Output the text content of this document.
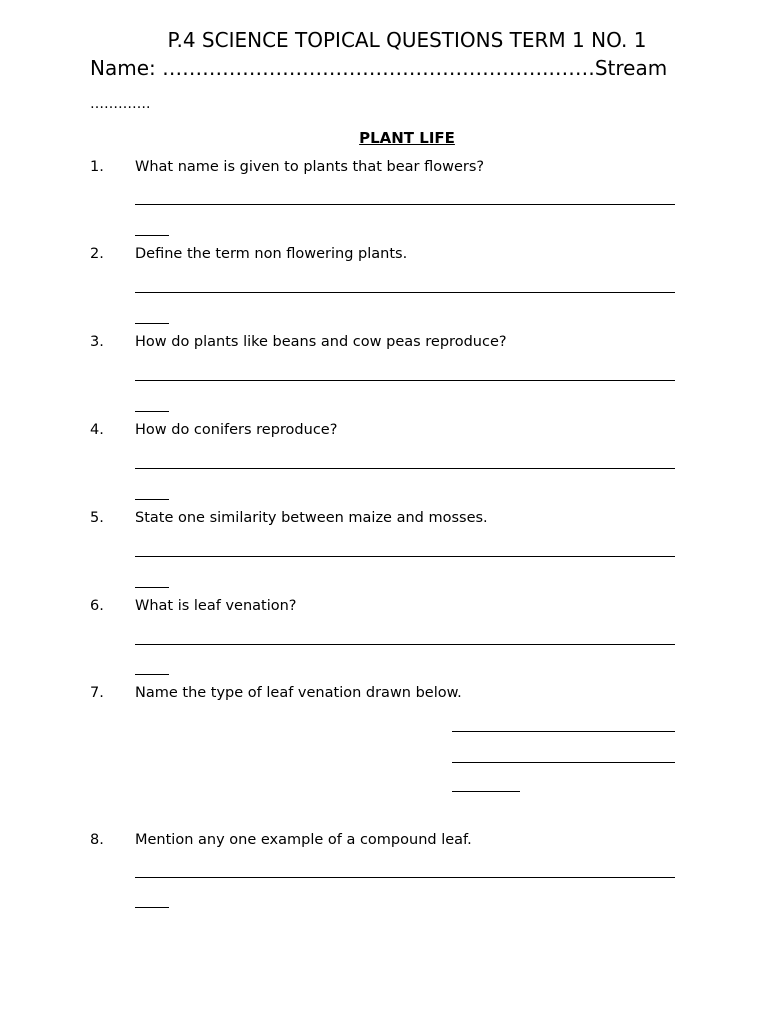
P.4 SCIENCE TOPICAL QUESTIONS TERM 1 NO. 1
Name: …………………………………………………..……Stream
………….
PLANT LIFE
1. What name is given to plants that bear flowers?
2. Define the term non flowering plants.
3. How do plants like beans and cow peas reproduce?
4. How do conifers reproduce?
5. State one similarity between maize and mosses.
6. What is leaf venation?
7. Name the type of leaf venation drawn below.
8. Mention any one example of a compound leaf.
